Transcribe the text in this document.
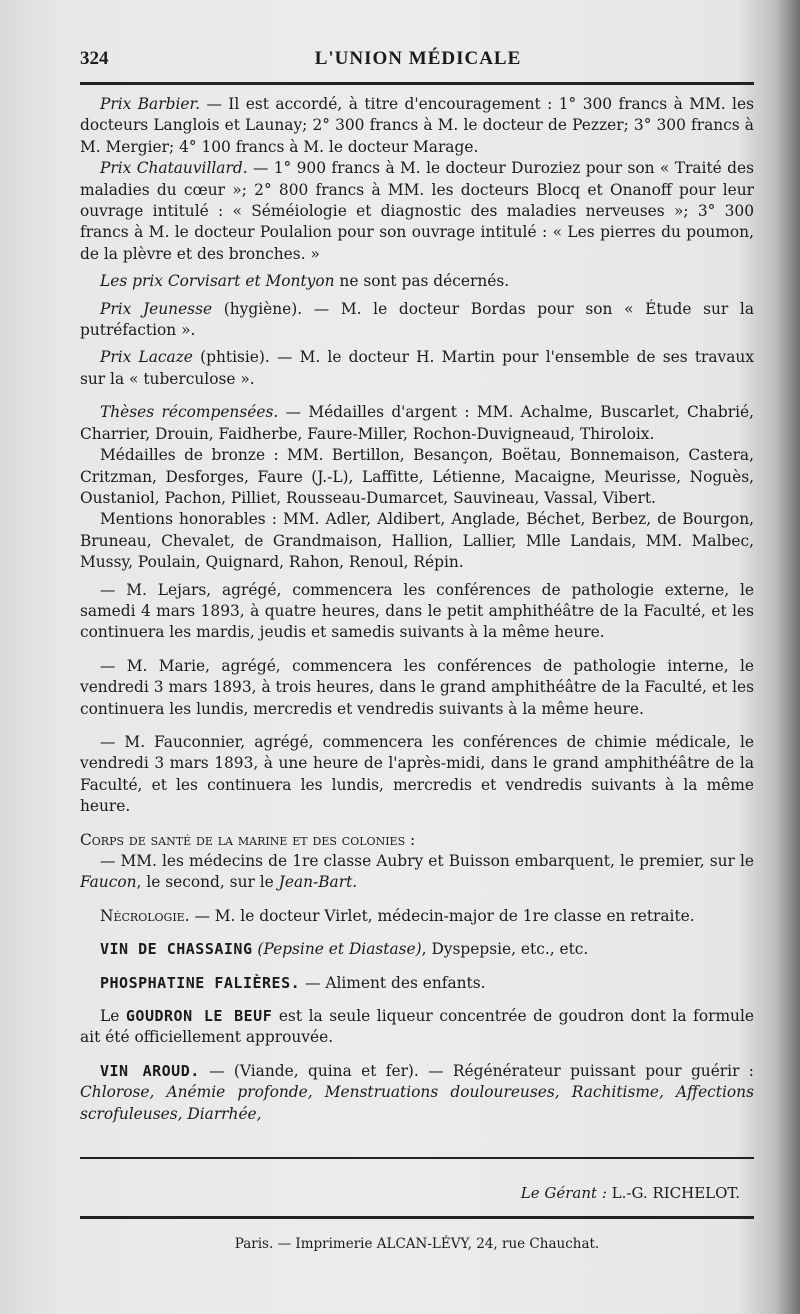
324	L'UNION MÉDICALE

Prix Barbier. — Il est accordé, à titre d'encouragement : 1° 300 francs à MM. les docteurs Langlois et Launay; 2° 300 francs à M. le docteur de Pezzer; 3° 300 francs à M. Mergier; 4° 100 francs à M. le docteur Marage.

Prix Chatauvillard. — 1° 900 francs à M. le docteur Duroziez pour son « Traité des maladies du cœur »; 2° 800 francs à MM. les docteurs Blocq et Onanoff pour leur ouvrage intitulé : « Séméiologie et diagnostic des maladies nerveuses »; 3° 300 francs à M. le docteur Poulalion pour son ouvrage intitulé : « Les pierres du poumon, de la plèvre et des bronches. »

Les prix Corvisart et Montyon ne sont pas décernés.

Prix Jeunesse (hygiène). — M. le docteur Bordas pour son « Étude sur la putréfaction ».

Prix Lacaze (phtisie). — M. le docteur H. Martin pour l'ensemble de ses travaux sur la « tuberculose ».

Thèses récompensées. — Médailles d'argent : MM. Achalme, Buscarlet, Chabrié, Charrier, Drouin, Faidherbe, Faure-Miller, Rochon-Duvigneaud, Thiroloix.

Médailles de bronze : MM. Bertillon, Besançon, Boëtau, Bonnemaison, Castera, Critzman, Desforges, Faure (J.-L), Laffitte, Létienne, Macaigne, Meurisse, Noguès, Oustaniol, Pachon, Pilliet, Rousseau-Dumarcet, Sauvineau, Vassal, Vibert.

Mentions honorables : MM. Adler, Aldibert, Anglade, Béchet, Berbez, de Bourgon, Bruneau, Chevalet, de Grandmaison, Hallion, Lallier, Mlle Landais, MM. Malbec, Mussy, Poulain, Quignard, Rahon, Renoul, Répin.

— M. Lejars, agrégé, commencera les conférences de pathologie externe, le samedi 4 mars 1893, à quatre heures, dans le petit amphithéâtre de la Faculté, et les continuera les mardis, jeudis et samedis suivants à la même heure.

— M. Marie, agrégé, commencera les conférences de pathologie interne, le vendredi 3 mars 1893, à trois heures, dans le grand amphithéâtre de la Faculté, et les continuera les lundis, mercredis et vendredis suivants à la même heure.

— M. Fauconnier, agrégé, commencera les conférences de chimie médicale, le vendredi 3 mars 1893, à une heure de l'après-midi, dans le grand amphithéâtre de la Faculté, et les continuera les lundis, mercredis et vendredis suivants à la même heure.

Corps de santé de la marine et des colonies :

— MM. les médecins de 1re classe Aubry et Buisson embarquent, le premier, sur le Faucon, le second, sur le Jean-Bart.

Nécrologie. — M. le docteur Virlet, médecin-major de 1re classe en retraite.

VIN DE CHASSAING (Pepsine et Diastase), Dyspepsie, etc., etc.

PHOSPHATINE FALIÈRES. — Aliment des enfants.

Le GOUDRON LE BEUF est la seule liqueur concentrée de goudron dont la formule ait été officiellement approuvée.

VIN AROUD. — (Viande, quina et fer). — Régénérateur puissant pour guérir : Chlorose, Anémie profonde, Menstruations douloureuses, Rachitisme, Affections scrofuleuses, Diarrhée,

Le Gérant : L.-G. RICHELOT.
Paris. — Imprimerie ALCAN-LÉVY, 24, rue Chauchat.
